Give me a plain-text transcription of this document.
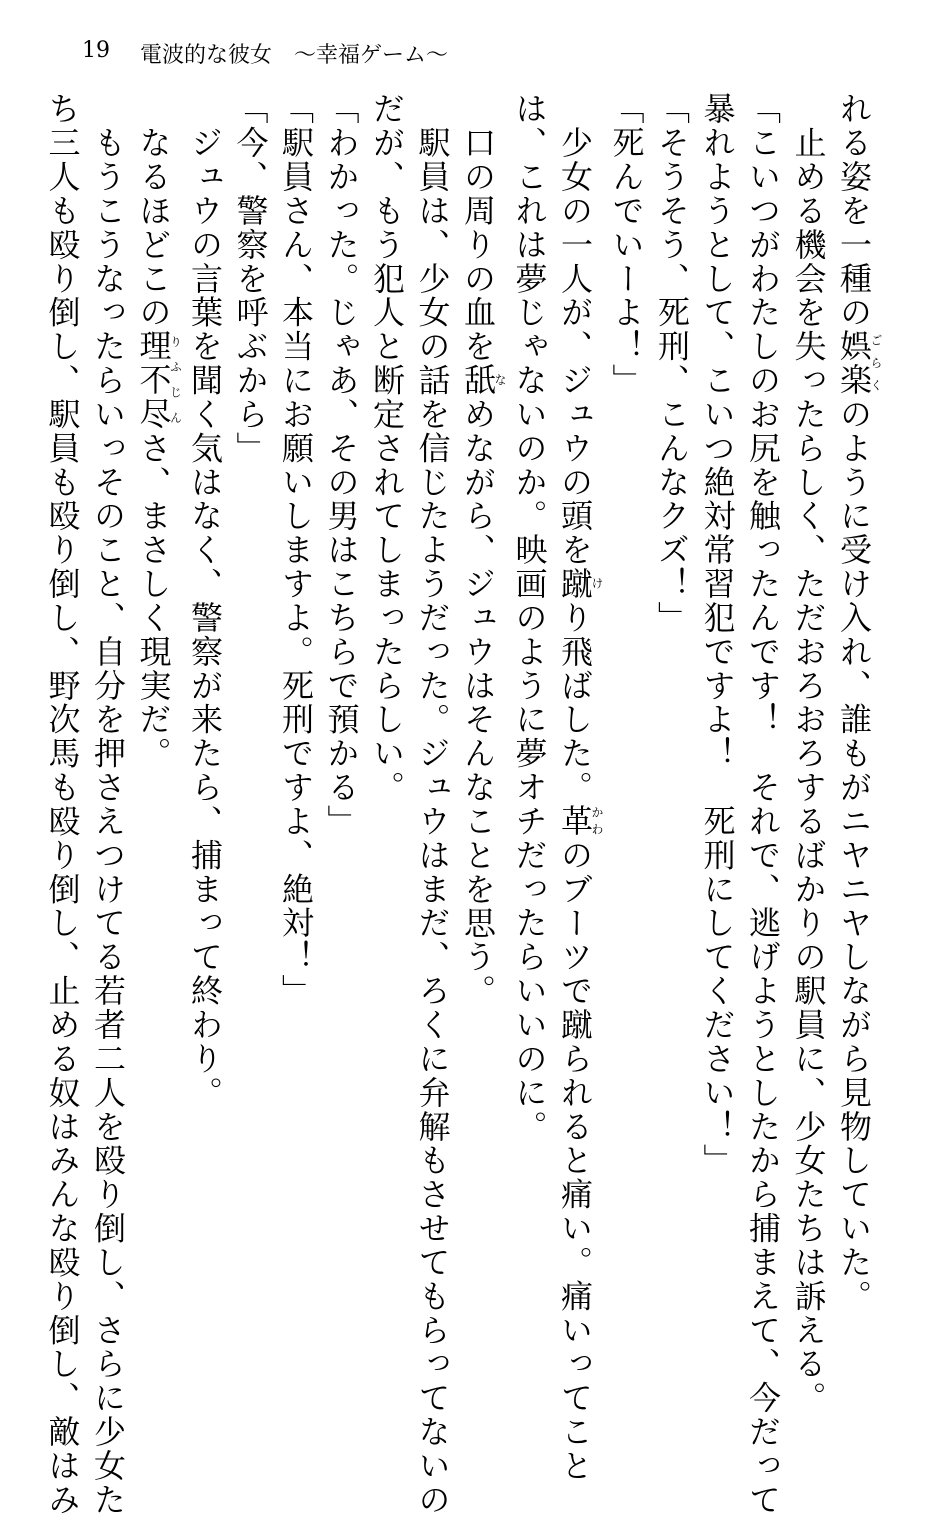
19 電波的な彼女　～幸福ゲーム～
れる姿を一種の娯楽ごらくのように受け入れ、誰もがニヤニヤしながら見物していた。
　止める機会を失ったらしく、ただおろおろするばかりの駅員に、少女たちは訴える。
「こいつがわたしのお尻を触ったんです！　それで、逃げようとしたから捕まえて、今だって
暴れようとして、こいつ絶対常習犯ですよ！　死刑にしてください！」
「そうそう、死刑、こんなクズ！」
「死んでいーよ！」
　少女の一人が、ジュウの頭を蹴けり飛ばした。革かわのブーツで蹴られると痛い。痛いってこと
は、これは夢じゃないのか。映画のように夢オチだったらいいのに。
　口の周りの血を舐なめながら、ジュウはそんなことを思う。
　駅員は、少女の話を信じたようだった。ジュウはまだ、ろくに弁解もさせてもらってないの
だが、もう犯人と断定されてしまったらしい。
「わかった。じゃあ、その男はこちらで預かる」
「駅員さん、本当にお願いしますよ。死刑ですよ、絶対！」
「今、警察を呼ぶから」
　ジュウの言葉を聞く気はなく、警察が来たら、捕まって終わり。
　なるほどこの理不尽りふじんさ、まさしく現実だ。
　もうこうなったらいっそのこと、自分を押さえつけてる若者二人を殴り倒し、さらに少女た
ち三人も殴り倒し、駅員も殴り倒し、野次馬も殴り倒し、止める奴はみんな殴り倒し、敵はみ
